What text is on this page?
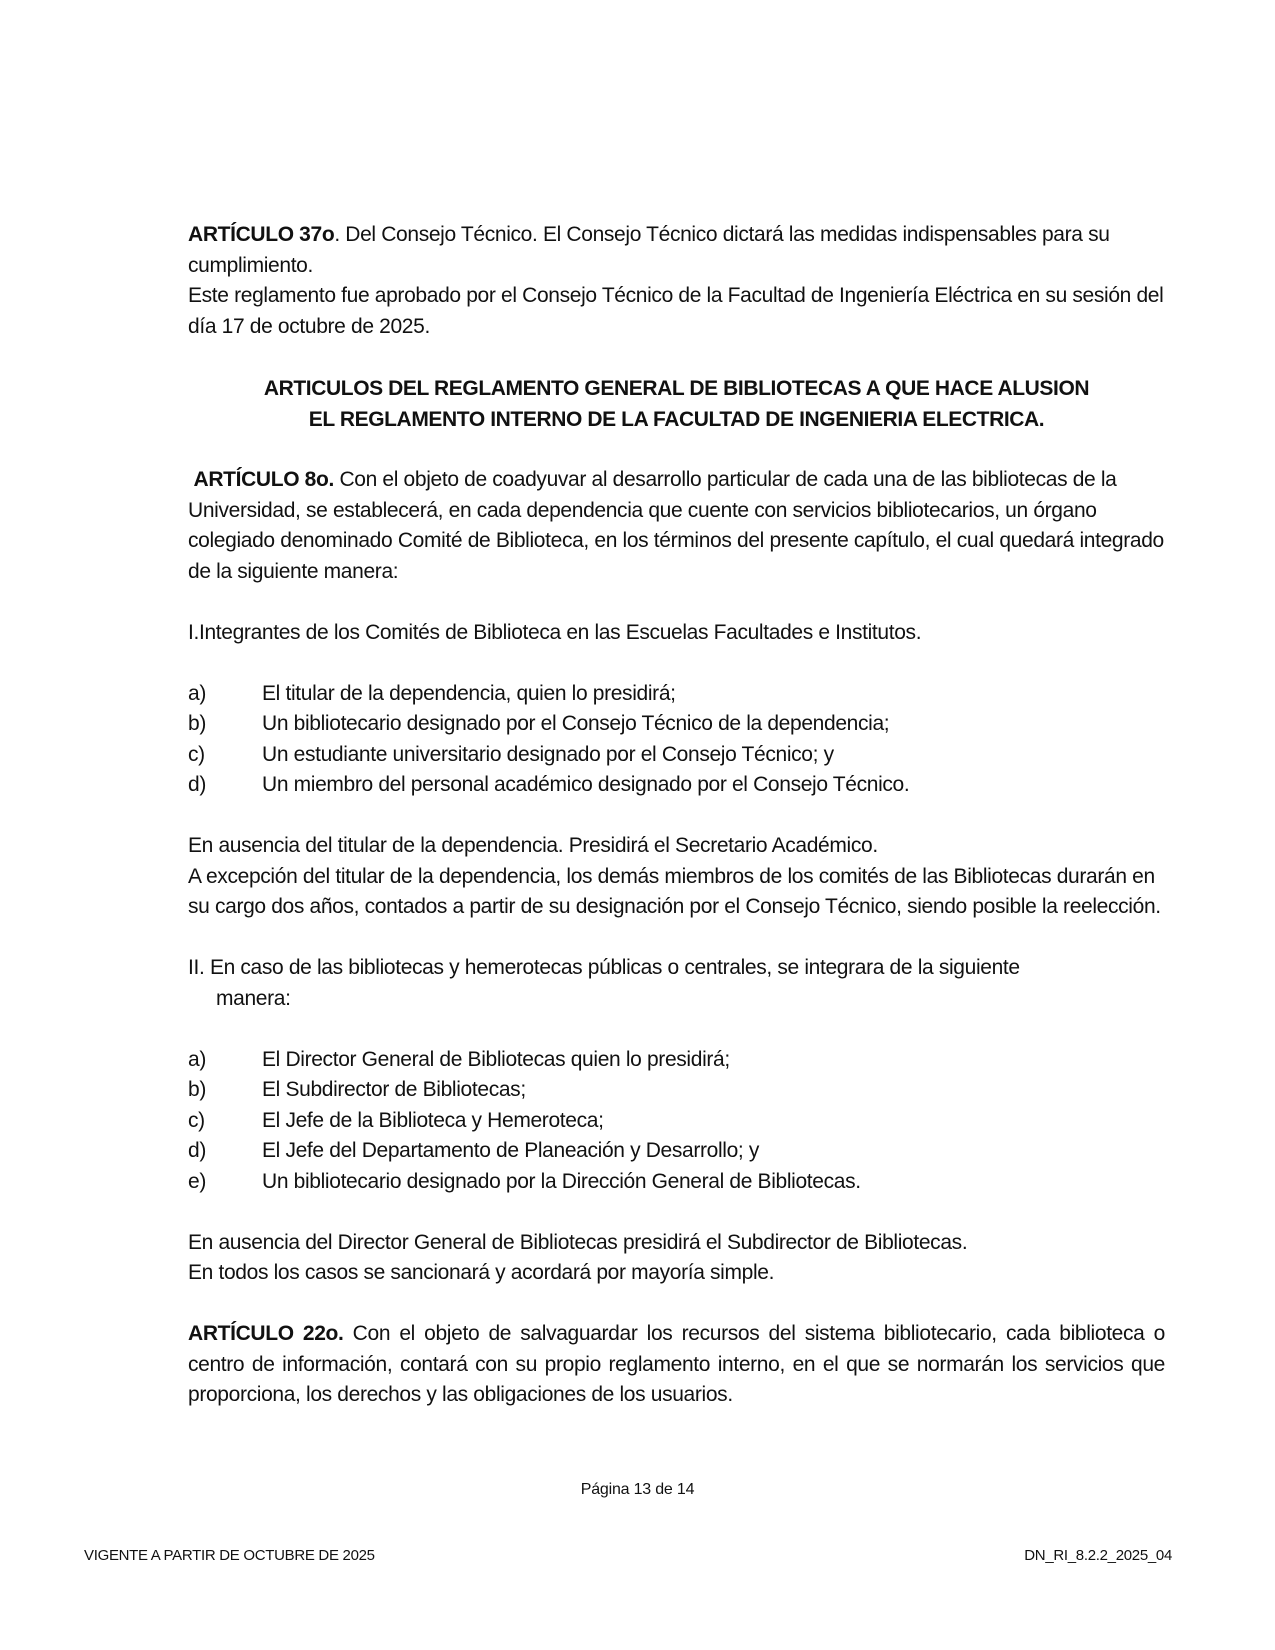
ARTÍCULO 37o. Del Consejo Técnico. El Consejo Técnico dictará las medidas indispensables para su cumplimiento.

Este reglamento fue aprobado por el Consejo Técnico de la Facultad de Ingeniería Eléctrica en su sesión del día 17 de octubre de 2025.

ARTICULOS DEL REGLAMENTO GENERAL DE BIBLIOTECAS A QUE HACE ALUSION

EL REGLAMENTO INTERNO DE LA FACULTAD DE INGENIERIA ELECTRICA.

ARTÍCULO 8o. Con el objeto de coadyuvar al desarrollo particular de cada una de las bibliotecas de la Universidad, se establecerá, en cada dependencia que cuente con servicios bibliotecarios, un órgano colegiado denominado Comité de Biblioteca, en los términos del presente capítulo, el cual quedará integrado de la siguiente manera:

I.Integrantes de los Comités de Biblioteca en las Escuelas Facultades e Institutos.

a)	El titular de la dependencia, quien lo presidirá;
b)	Un bibliotecario designado por el Consejo Técnico de la dependencia;
c)	Un estudiante universitario designado por el Consejo Técnico; y
d)	Un miembro del personal académico designado por el Consejo Técnico.

En ausencia del titular de la dependencia. Presidirá el Secretario Académico.

A excepción del titular de la dependencia, los demás miembros de los comités de las Bibliotecas durarán en su cargo dos años, contados a partir de su designación por el Consejo Técnico, siendo posible la reelección.

II. En caso de las bibliotecas y hemerotecas públicas o centrales, se integrara de la siguiente

manera:

a)	El Director General de Bibliotecas quien lo presidirá;
b)	El Subdirector de Bibliotecas;
c)	El Jefe de la Biblioteca y Hemeroteca;
d)	El Jefe del Departamento de Planeación y Desarrollo; y
e)	Un bibliotecario designado por la Dirección General de Bibliotecas.

En ausencia del Director General de Bibliotecas presidirá el Subdirector de Bibliotecas.

En todos los casos se sancionará y acordará por mayoría simple.

ARTÍCULO 22o. Con el objeto de salvaguardar los recursos del sistema bibliotecario, cada biblioteca o centro de información, contará con su propio reglamento interno, en el que se normarán los servicios que proporciona, los derechos y las obligaciones de los usuarios.

Página 13 de 14
VIGENTE A PARTIR DE OCTUBRE DE 2025	DN_RI_8.2.2_2025_04
